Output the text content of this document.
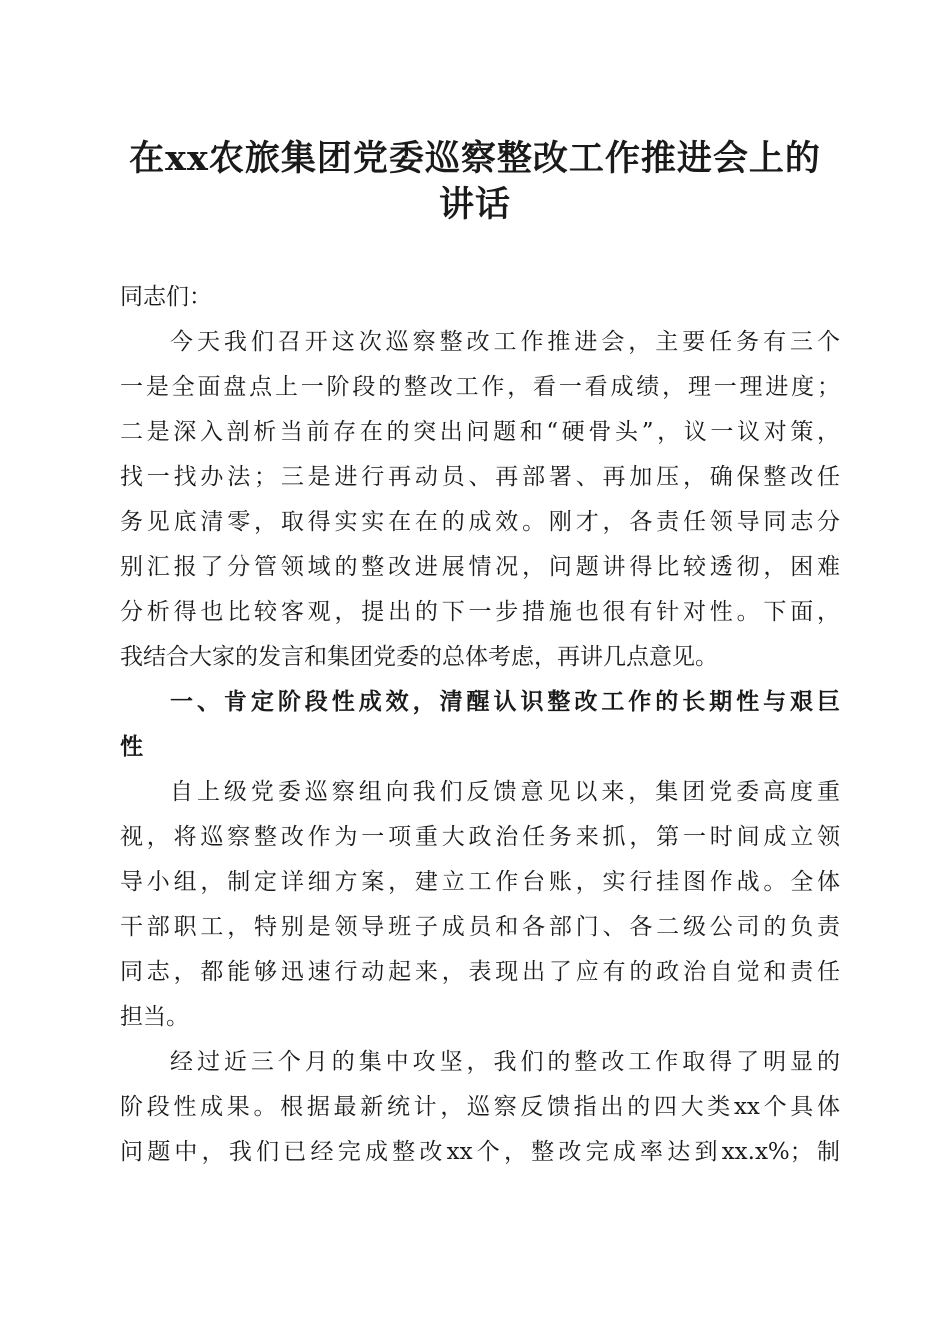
在xx农旅集团党委巡察整改工作推进会上的
讲话
同志们：
今天我们召开这次巡察整改工作推进会，主要任务有三个
一是全面盘点上一阶段的整改工作，看一看成绩，理一理进度；
二是深入剖析当前存在的突出问题和“硬骨头”，议一议对策，
找一找办法；三是进行再动员、再部署、再加压，确保整改任
务见底清零，取得实实在在的成效。刚才，各责任领导同志分
别汇报了分管领域的整改进展情况，问题讲得比较透彻，困难
分析得也比较客观，提出的下一步措施也很有针对性。下面，
我结合大家的发言和集团党委的总体考虑，再讲几点意见。
一、肯定阶段性成效，清醒认识整改工作的长期性与艰巨
性
自上级党委巡察组向我们反馈意见以来，集团党委高度重
视，将巡察整改作为一项重大政治任务来抓，第一时间成立领
导小组，制定详细方案，建立工作台账，实行挂图作战。全体
干部职工，特别是领导班子成员和各部门、各二级公司的负责
同志，都能够迅速行动起来，表现出了应有的政治自觉和责任
担当。
经过近三个月的集中攻坚，我们的整改工作取得了明显的
阶段性成果。根据最新统计，巡察反馈指出的四大类xx个具体
问题中，我们已经完成整改xx个，整改完成率达到xx.x%；制
